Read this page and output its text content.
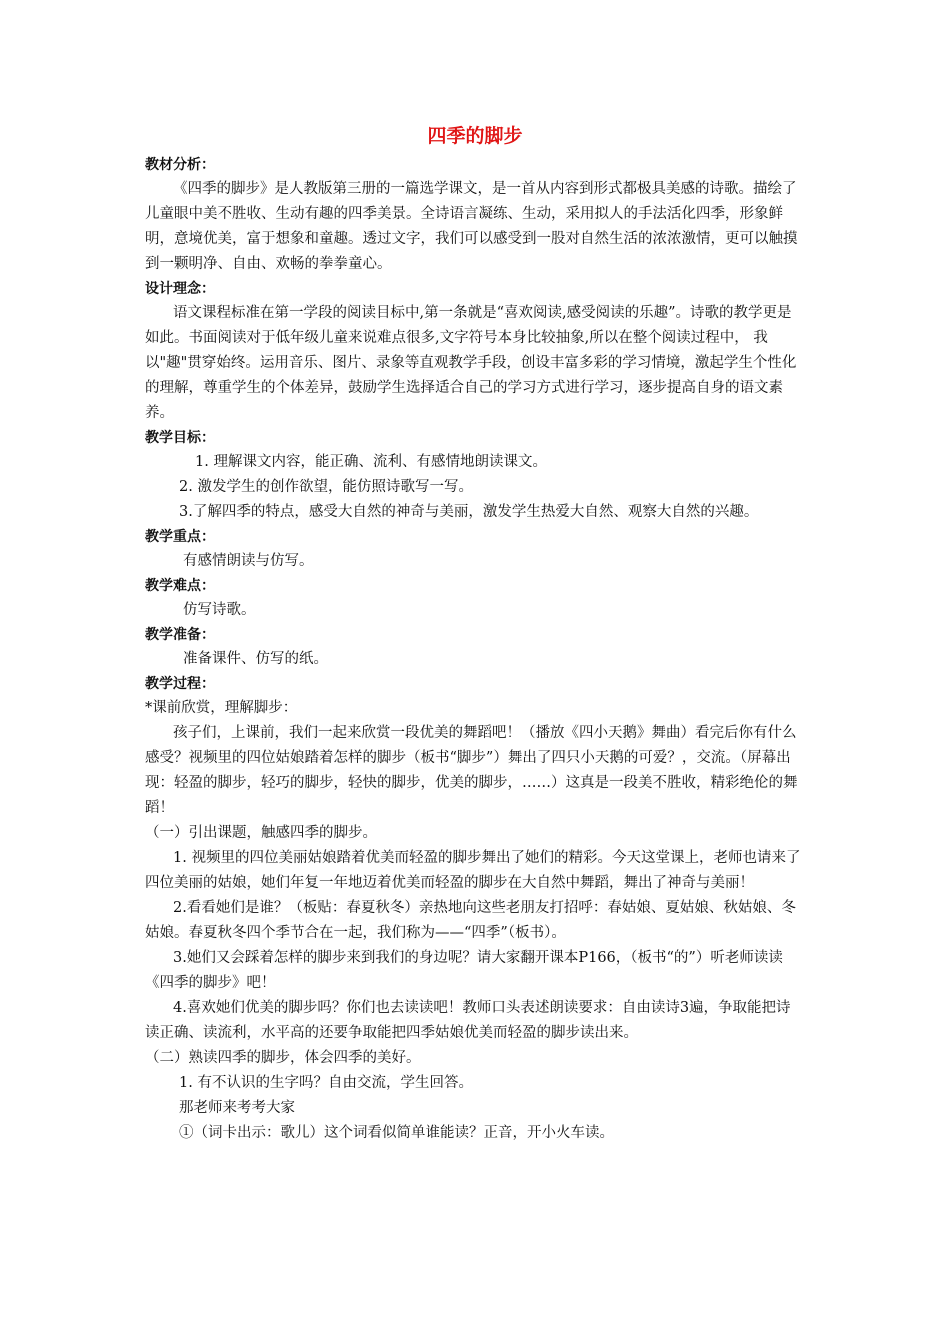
四季的脚步
教材分析：

《四季的脚步》是人教版第三册的一篇选学课文，是一首从内容到形式都极具美感的诗歌。描绘了儿童眼中美不胜收、生动有趣的四季美景。全诗语言凝练、生动，采用拟人的手法活化四季，形象鲜明，意境优美，富于想象和童趣。透过文字，我们可以感受到一股对自然生活的浓浓激情，更可以触摸到一颗明净、自由、欢畅的拳拳童心。

设计理念：

语文课程标准在第一学段的阅读目标中,第一条就是“喜欢阅读,感受阅读的乐趣”。诗歌的教学更是如此。书面阅读对于低年级儿童来说难点很多,文字符号本身比较抽象,所以在整个阅读过程中， 我以"趣"贯穿始终。运用音乐、图片、录象等直观教学手段，创设丰富多彩的学习情境，激起学生个性化的理解，尊重学生的个体差异，鼓励学生选择适合自己的学习方式进行学习，逐步提高自身的语文素养。

教学目标：

1. 理解课文内容，能正确、流利、有感情地朗读课文。

2. 激发学生的创作欲望，能仿照诗歌写一写。

3.了解四季的特点，感受大自然的神奇与美丽，激发学生热爱大自然、观察大自然的兴趣。

教学重点：

有感情朗读与仿写。

教学难点：

仿写诗歌。

教学准备：

准备课件、仿写的纸。

教学过程：

*课前欣赏，理解脚步：

孩子们，上课前，我们一起来欣赏一段优美的舞蹈吧！（播放《四小天鹅》舞曲）看完后你有什么感受？视频里的四位姑娘踏着怎样的脚步（板书“脚步”）舞出了四只小天鹅的可爱？，交流。（屏幕出现：轻盈的脚步，轻巧的脚步，轻快的脚步，优美的脚步，……）这真是一段美不胜收，精彩绝伦的舞蹈！

（一）引出课题，触感四季的脚步。

1. 视频里的四位美丽姑娘踏着优美而轻盈的脚步舞出了她们的精彩。今天这堂课上，老师也请来了四位美丽的姑娘，她们年复一年地迈着优美而轻盈的脚步在大自然中舞蹈，舞出了神奇与美丽！

2.看看她们是谁？（板贴：春夏秋冬）亲热地向这些老朋友打招呼：春姑娘、夏姑娘、秋姑娘、冬姑娘。春夏秋冬四个季节合在一起，我们称为——“四季”（板书）。

3.她们又会踩着怎样的脚步来到我们的身边呢？请大家翻开课本P166，（板书“的”）听老师读读《四季的脚步》吧！

4.喜欢她们优美的脚步吗？你们也去读读吧！教师口头表述朗读要求：自由读诗3遍，争取能把诗读正确、读流利，水平高的还要争取能把四季姑娘优美而轻盈的脚步读出来。

（二）熟读四季的脚步，体会四季的美好。

1. 有不认识的生字吗？自由交流，学生回答。

那老师来考考大家

①（词卡出示：歌儿）这个词看似简单谁能读？正音，开小火车读。
